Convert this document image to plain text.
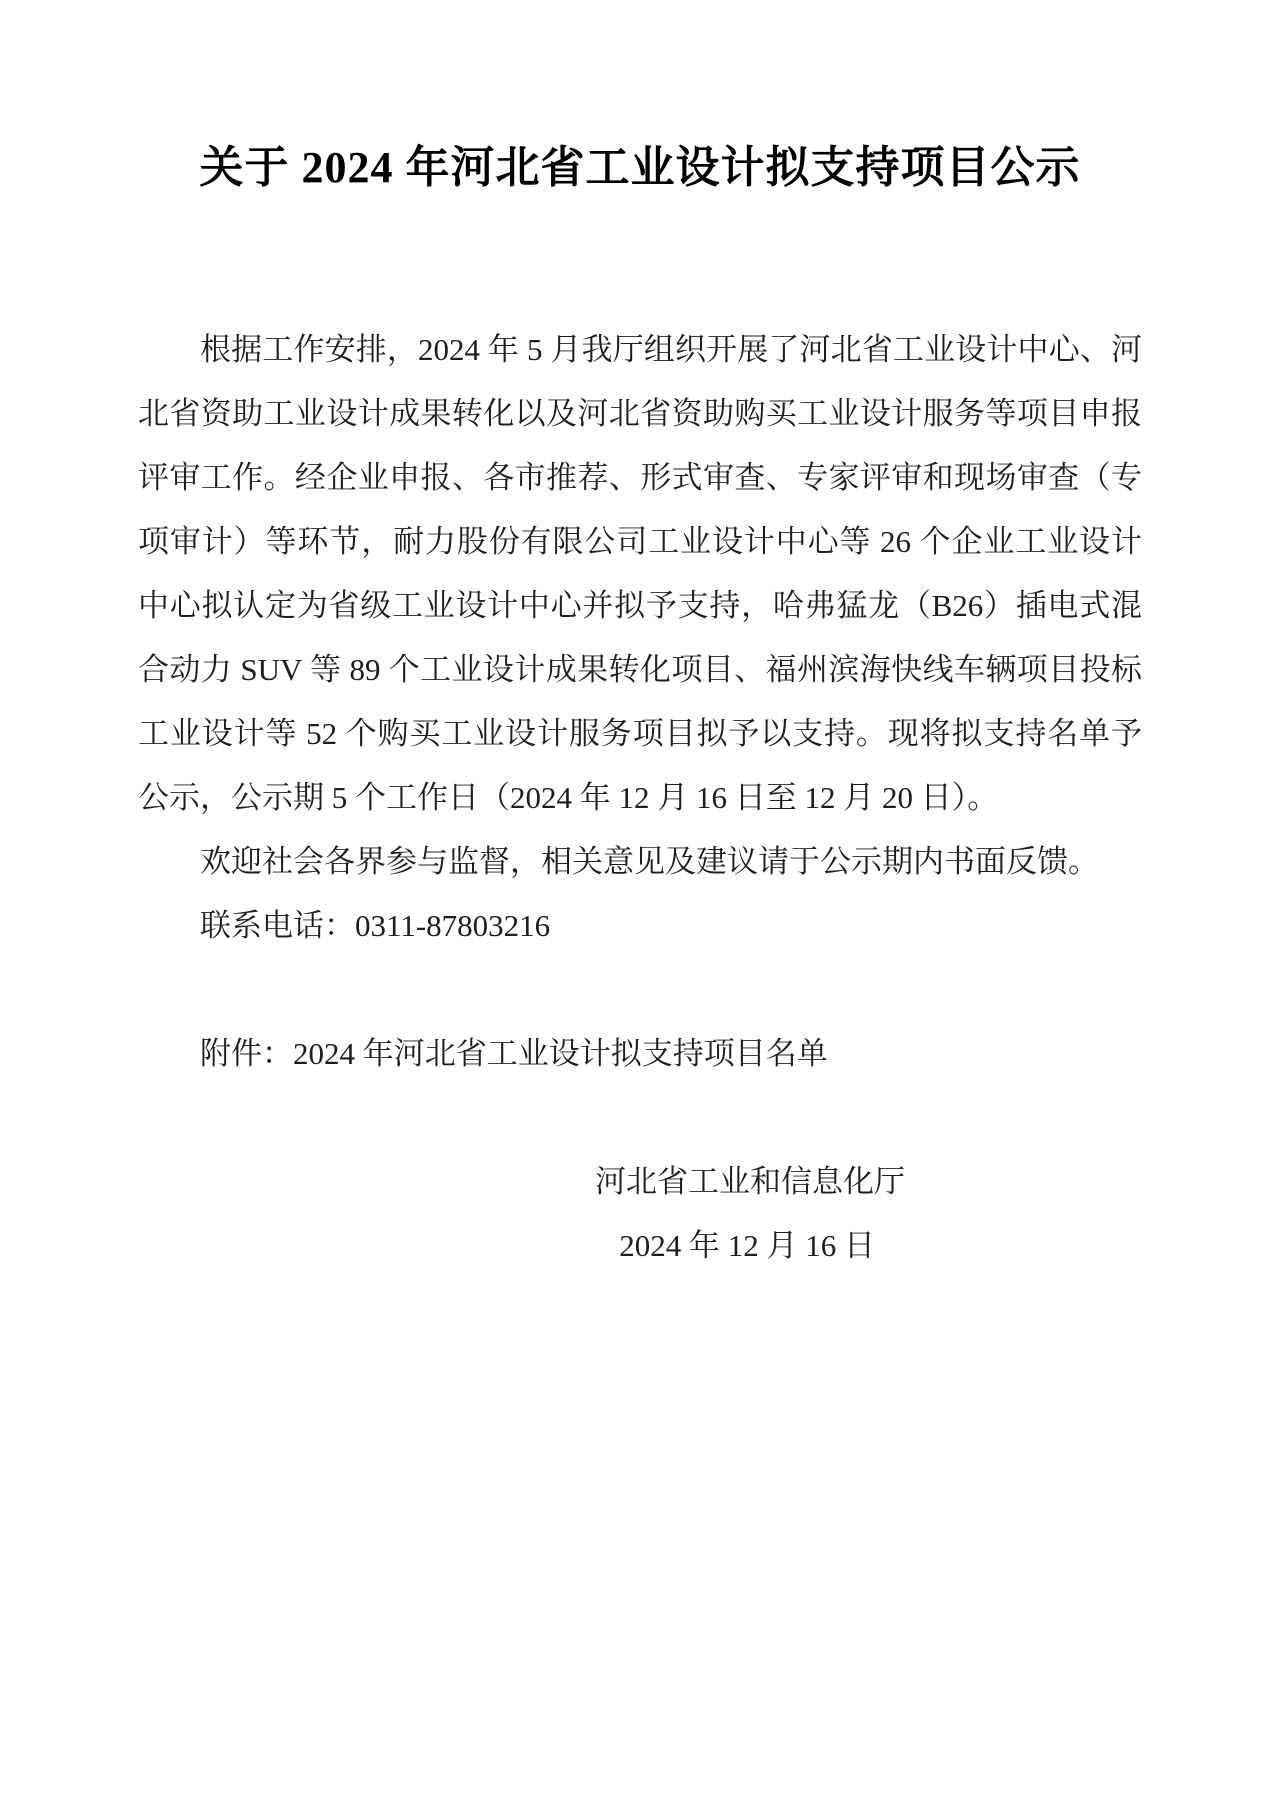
关于 2024 年河北省工业设计拟支持项目公示

根据工作安排，2024 年 5 月我厅组织开展了河北省工业设计中心、河北省资助工业设计成果转化以及河北省资助购买工业设计服务等项目申报评审工作。经企业申报、各市推荐、形式审查、专家评审和现场审查（专项审计）等环节，耐力股份有限公司工业设计中心等 26 个企业工业设计中心拟认定为省级工业设计中心并拟予支持，哈弗猛龙（B26）插电式混合动力 SUV 等 89 个工业设计成果转化项目、福州滨海快线车辆项目投标工业设计等 52 个购买工业设计服务项目拟予以支持。现将拟支持名单予公示，公示期 5 个工作日（2024 年 12 月 16 日至 12 月 20 日）。

欢迎社会各界参与监督，相关意见及建议请于公示期内书面反馈。

联系电话：0311-87803216

附件：2024 年河北省工业设计拟支持项目名单

河北省工业和信息化厅

2024 年 12 月 16 日
